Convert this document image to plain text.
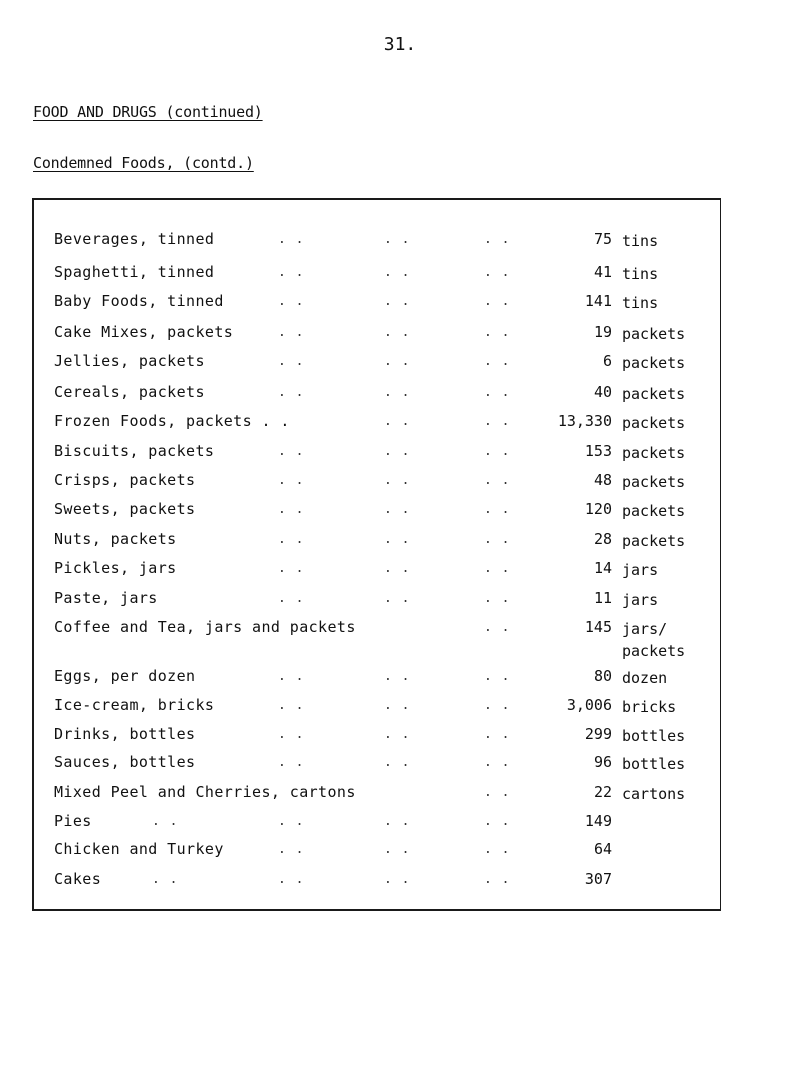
31.
FOOD AND DRUGS (continued)
Condemned Foods, (contd.)
Beverages, tinned	. .	. .	. .	75 tins
Spaghetti, tinned	. .	. .	. .	41 tins
Baby Foods, tinned	. .	. .	. .	141 tins
Cake Mixes, packets	. .	. .	. .	19 packets
Jellies, packets	. .	. .	. .	6 packets
Cereals, packets	. .	. .	. .	40 packets
Frozen Foods, packets . .	. .	. .	13,330 packets
Biscuits, packets	. .	. .	. .	153 packets
Crisps, packets	. .	. .	. .	48 packets
Sweets, packets	. .	. .	. .	120 packets
Nuts, packets	. .	. .	. .	28 packets
Pickles, jars	. .	. .	. .	14 jars
Paste, jars	. .	. .	. .	11 jars
Coffee and Tea, jars and packets	. .	145 jars/
packets
Eggs, per dozen	. .	. .	. .	80 dozen
Ice-cream, bricks	. .	. .	. .	3,006 bricks
Drinks, bottles	. .	. .	. .	299 bottles
Sauces, bottles	. .	. .	. .	96 bottles
Mixed Peel and Cherries, cartons	. .	22 cartons
Pies	. .	. .	. .	. .	149
Chicken and Turkey	. .	. .	. .	64
Cakes	. .	. .	. .	. .	307
